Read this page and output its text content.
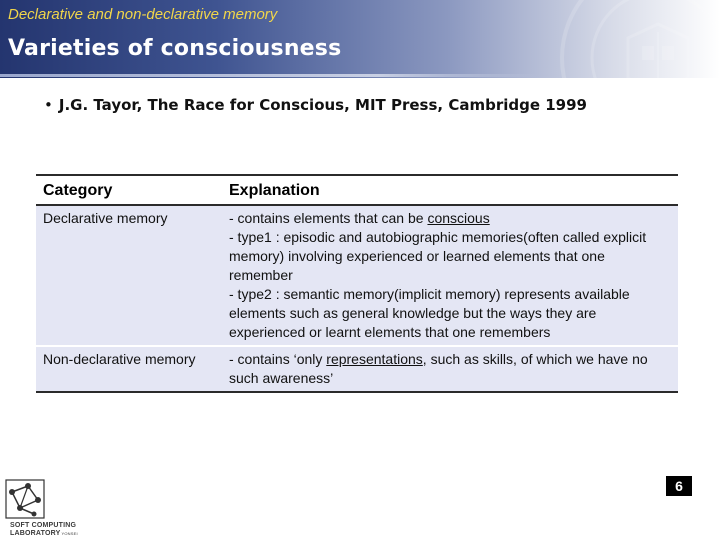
Declarative and non-declarative memory
Varieties of consciousness
• J.G. Tayor, The Race for Conscious, MIT Press, Cambridge 1999
Category	Explanation
Declarative memory	- contains elements that can be conscious
- type1 : episodic and autobiographic memories(often called explicit memory) involving experienced or learned elements that one remember
- type2 : semantic memory(implicit memory) represents available elements such as general knowledge but the ways they are experienced or learnt elements that one remembers
Non-declarative memory	- contains ‘only representations, such as skills, of which we have no such awareness’
SOFT COMPUTING
LABORATORYYONSEI
6
